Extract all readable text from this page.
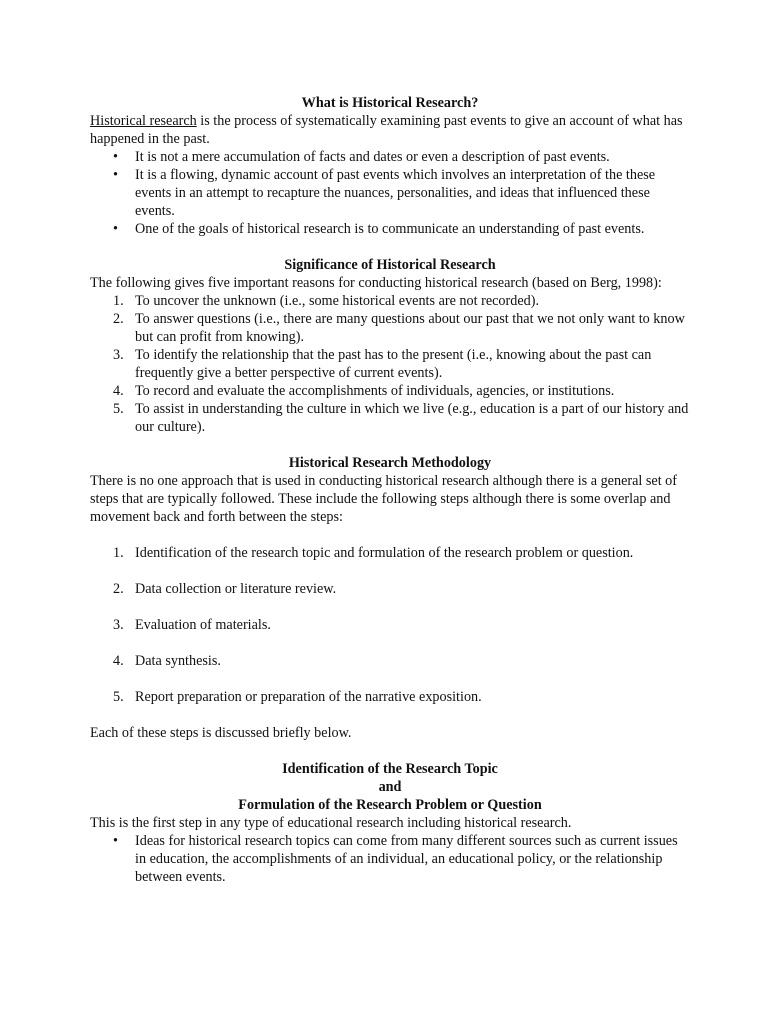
What is Historical Research?

Historical research is the process of systematically examining past events to give an account of what has happened in the past.

• It is not a mere accumulation of facts and dates or even a description of past events.
• It is a flowing, dynamic account of past events which involves an interpretation of the these events in an attempt to recapture the nuances, personalities, and ideas that influenced these events.
• One of the goals of historical research is to communicate an understanding of past events.

Significance of Historical Research

The following gives five important reasons for conducting historical research (based on Berg, 1998):

1. To uncover the unknown (i.e., some historical events are not recorded).
2. To answer questions (i.e., there are many questions about our past that we not only want to know but can profit from knowing).
3. To identify the relationship that the past has to the present (i.e., knowing about the past can frequently give a better perspective of current events).
4. To record and evaluate the accomplishments of individuals, agencies, or institutions.
5. To assist in understanding the culture in which we live (e.g., education is a part of our history and our culture).

Historical Research Methodology

There is no one approach that is used in conducting historical research although there is a general set of steps that are typically followed. These include the following steps although there is some overlap and movement back and forth between the steps:

1. Identification of the research topic and formulation of the research problem or question.
2. Data collection or literature review.
3. Evaluation of materials.
4. Data synthesis.
5. Report preparation or preparation of the narrative exposition.

Each of these steps is discussed briefly below.

Identification of the Research Topic

and

Formulation of the Research Problem or Question

This is the first step in any type of educational research including historical research.

• Ideas for historical research topics can come from many different sources such as current issues in education, the accomplishments of an individual, an educational policy, or the relationship between events.
